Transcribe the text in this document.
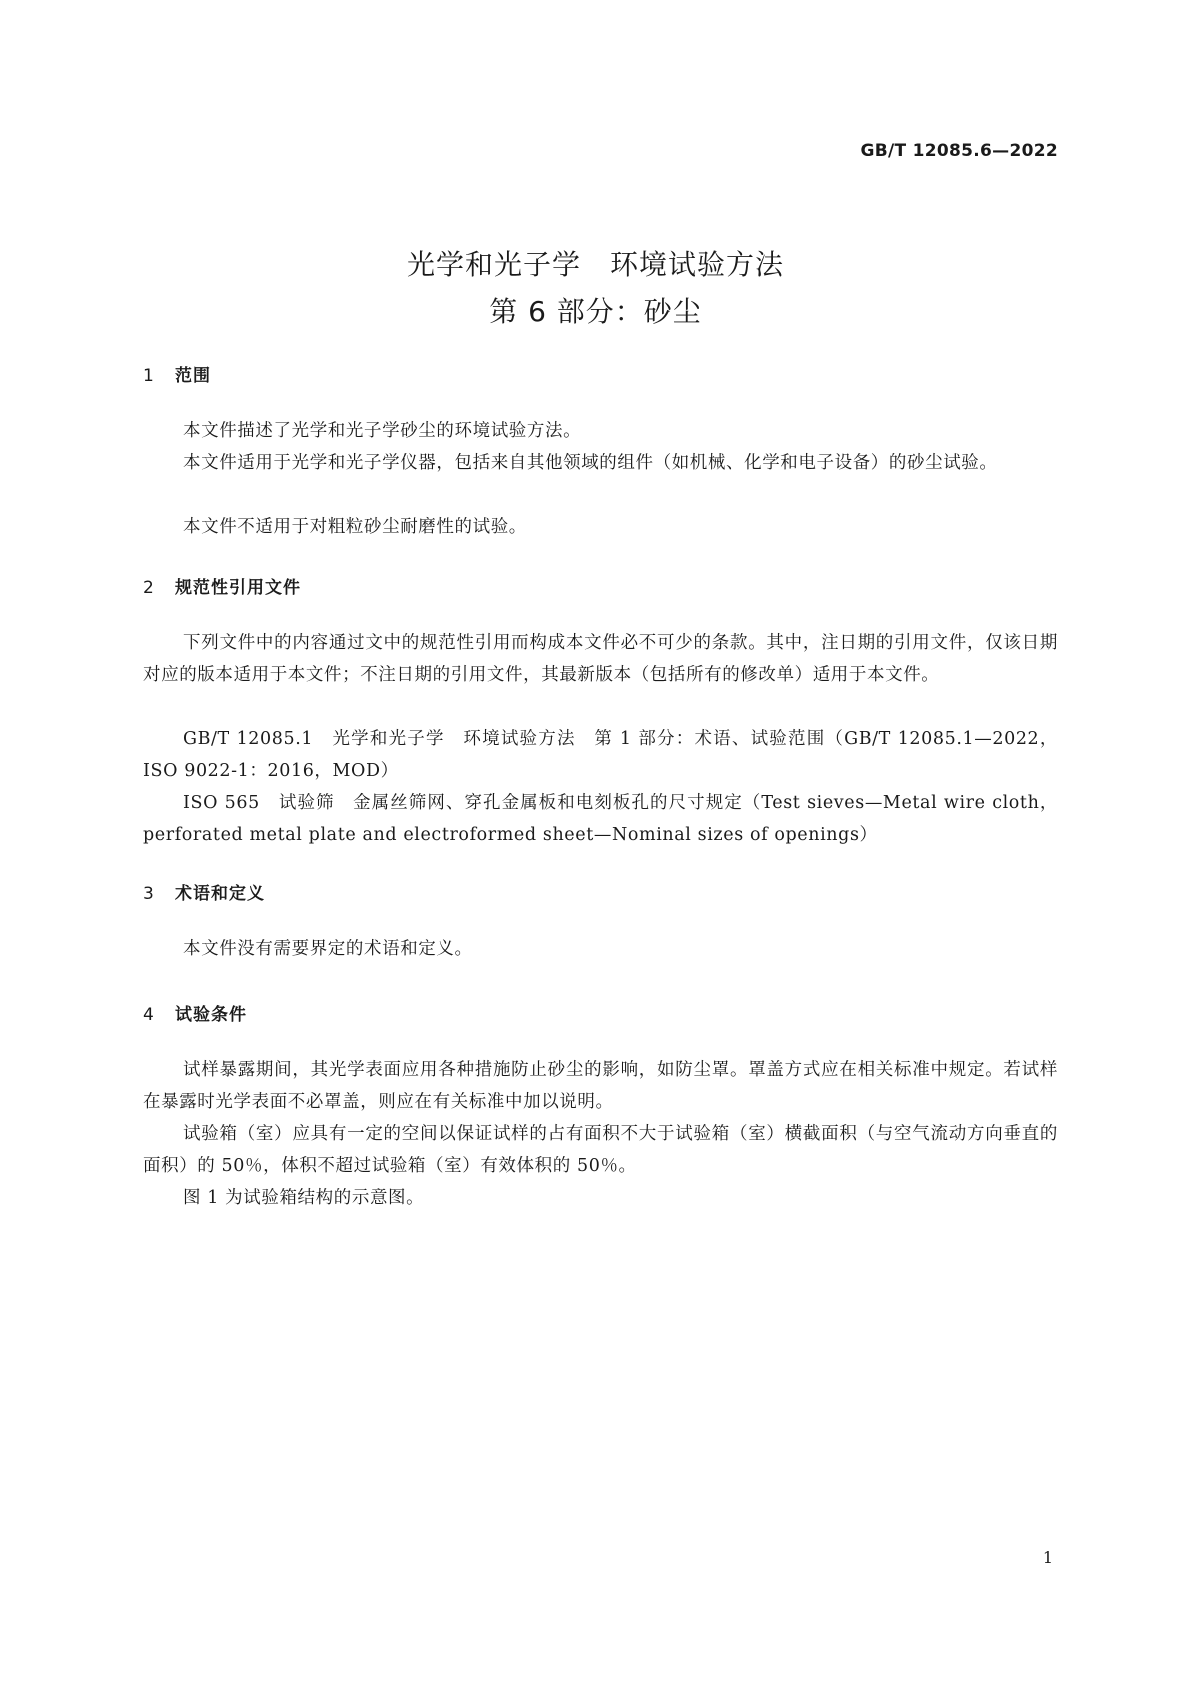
GB/T 12085.6—2022
光学和光子学　环境试验方法
第 6 部分：砂尘
1 范围
本文件描述了光学和光子学砂尘的环境试验方法。
本文件适用于光学和光子学仪器，包括来自其他领域的组件（如机械、化学和电子设备）的砂尘试验。
本文件不适用于对粗粒砂尘耐磨性的试验。
2 规范性引用文件
下列文件中的内容通过文中的规范性引用而构成本文件必不可少的条款。其中，注日期的引用文件，仅该日期对应的版本适用于本文件；不注日期的引用文件，其最新版本（包括所有的修改单）适用于本文件。
GB/T 12085.1　光学和光子学　环境试验方法　第 1 部分：术语、试验范围（GB/T 12085.1—2022，ISO 9022-1：2016，MOD）
ISO 565　试验筛　金属丝筛网、穿孔金属板和电刻板孔的尺寸规定（Test sieves—Metal wire cloth，perforated metal plate and electroformed sheet—Nominal sizes of openings）
3 术语和定义
本文件没有需要界定的术语和定义。
4 试验条件
试样暴露期间，其光学表面应用各种措施防止砂尘的影响，如防尘罩。罩盖方式应在相关标准中规定。若试样在暴露时光学表面不必罩盖，则应在有关标准中加以说明。
试验箱（室）应具有一定的空间以保证试样的占有面积不大于试验箱（室）横截面积（与空气流动方向垂直的面积）的 50％，体积不超过试验箱（室）有效体积的 50％。
图 1 为试验箱结构的示意图。
1
